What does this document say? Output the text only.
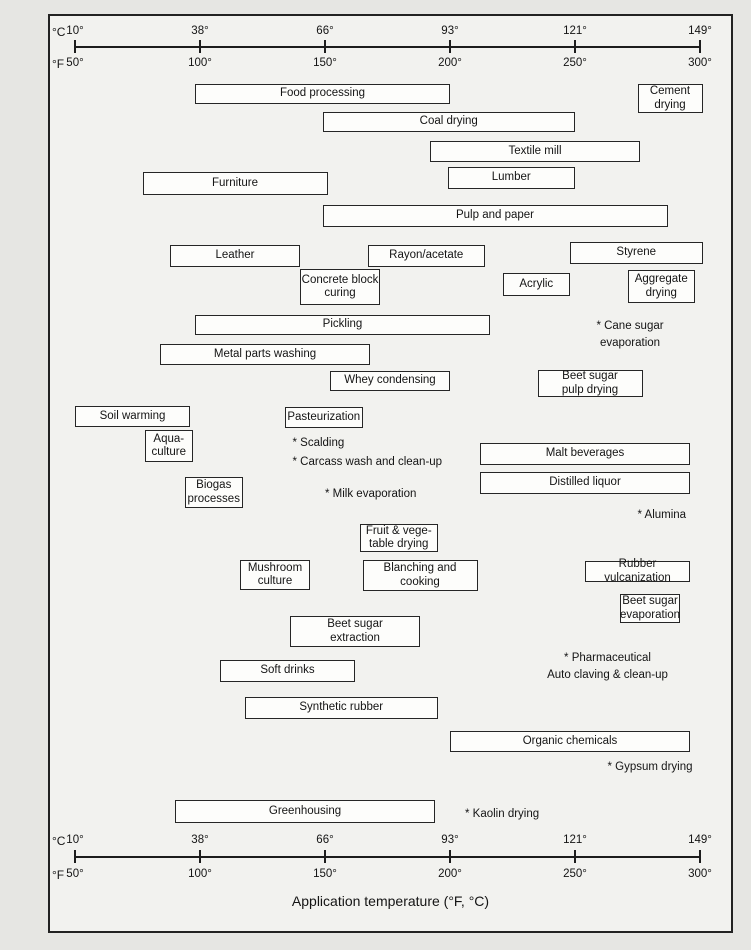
°C
°F
10°
50°
38°
100°
66°
150°
93°
200°
121°
250°
149°
300°
°C
°F
10°
50°
38°
100°
66°
150°
93°
200°
121°
250°
149°
300°
Food processing	Cement
drying
Coal drying
Textile mill
Lumber
Furniture
Pulp and paper
Styrene
Leather	Rayon/acetate
Concrete block
curing
Acrylic	Aggregate
drying
Pickling
Metal parts washing
Beet sugar
pulp drying
Whey condensing
Soil warming	Pasteurization
Aqua-
culture	Malt beverages
Distilled liquor
Biogas
processes
Fruit & vege-
table drying
Mushroom
culture
Blanching and
cooking
Rubber vulcanization
Beet sugar
evaporation
Beet sugar
extraction
Soft drinks
Synthetic rubber
Organic chemicals
Greenhousing
* Cane sugar
evaporation
* Scalding
* Carcass wash and clean-up
* Milk evaporation
* Alumina
* Pharmaceutical
Auto claving & clean-up
* Gypsum drying
* Kaolin drying
Application temperature (°F, °C)
